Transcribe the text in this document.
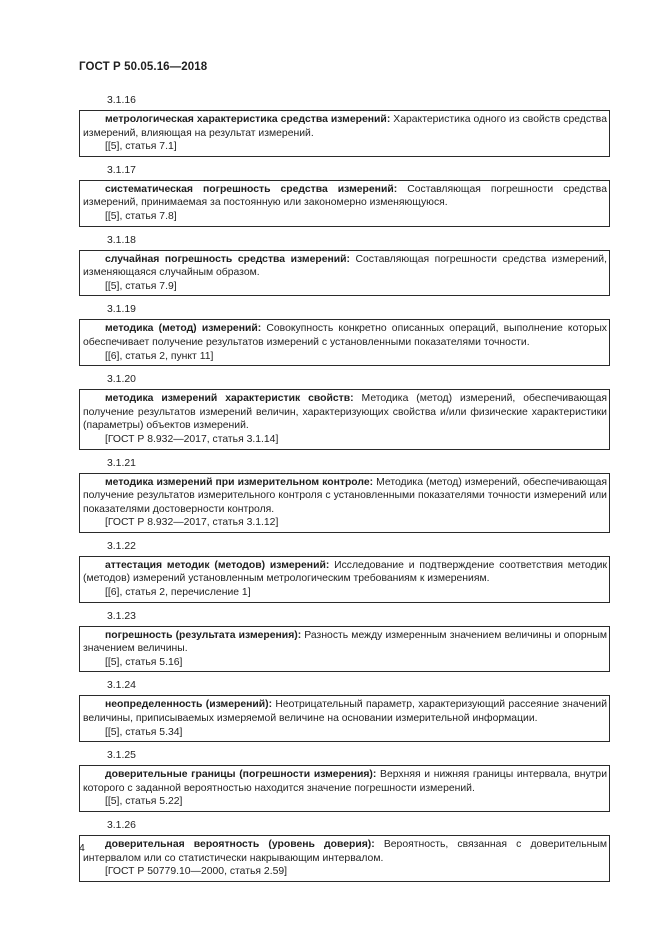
ГОСТ Р 50.05.16—2018
3.1.16
метрологическая характеристика средства измерений: Характеристика одного из свойств средства измерений, влияющая на результат измерений.
[[5], статья 7.1]
3.1.17
систематическая погрешность средства измерений: Составляющая погрешности средства измерений, принимаемая за постоянную или закономерно изменяющуюся.
[[5], статья 7.8]
3.1.18
случайная погрешность средства измерений: Составляющая погрешности средства измерений, изменяющаяся случайным образом.
[[5], статья 7.9]
3.1.19
методика (метод) измерений: Совокупность конкретно описанных операций, выполнение которых обеспечивает получение результатов измерений с установленными показателями точности.
[[6], статья 2, пункт 11]
3.1.20
методика измерений характеристик свойств: Методика (метод) измерений, обеспечивающая получение результатов измерений величин, характеризующих свойства и/или физические характеристики (параметры) объектов измерений.
[ГОСТ Р 8.932—2017, статья 3.1.14]
3.1.21
методика измерений при измерительном контроле: Методика (метод) измерений, обеспечивающая получение результатов измерительного контроля с установленными показателями точности измерений или показателями достоверности контроля.
[ГОСТ Р 8.932—2017, статья 3.1.12]
3.1.22
аттестация методик (методов) измерений: Исследование и подтверждение соответствия методик (методов) измерений установленным метрологическим требованиям к измерениям.
[[6], статья 2, перечисление 1]
3.1.23
погрешность (результата измерения): Разность между измеренным значением величины и опорным значением величины.
[[5], статья 5.16]
3.1.24
неопределенность (измерений): Неотрицательный параметр, характеризующий рассеяние значений величины, приписываемых измеряемой величине на основании измерительной информации.
[[5], статья 5.34]
3.1.25
доверительные границы (погрешности измерения): Верхняя и нижняя границы интервала, внутри которого с заданной вероятностью находится значение погрешности измерений.
[[5], статья 5.22]
3.1.26
доверительная вероятность (уровень доверия): Вероятность, связанная с доверительным интервалом или со статистически накрывающим интервалом.
[ГОСТ Р 50779.10—2000, статья 2.59]
4
